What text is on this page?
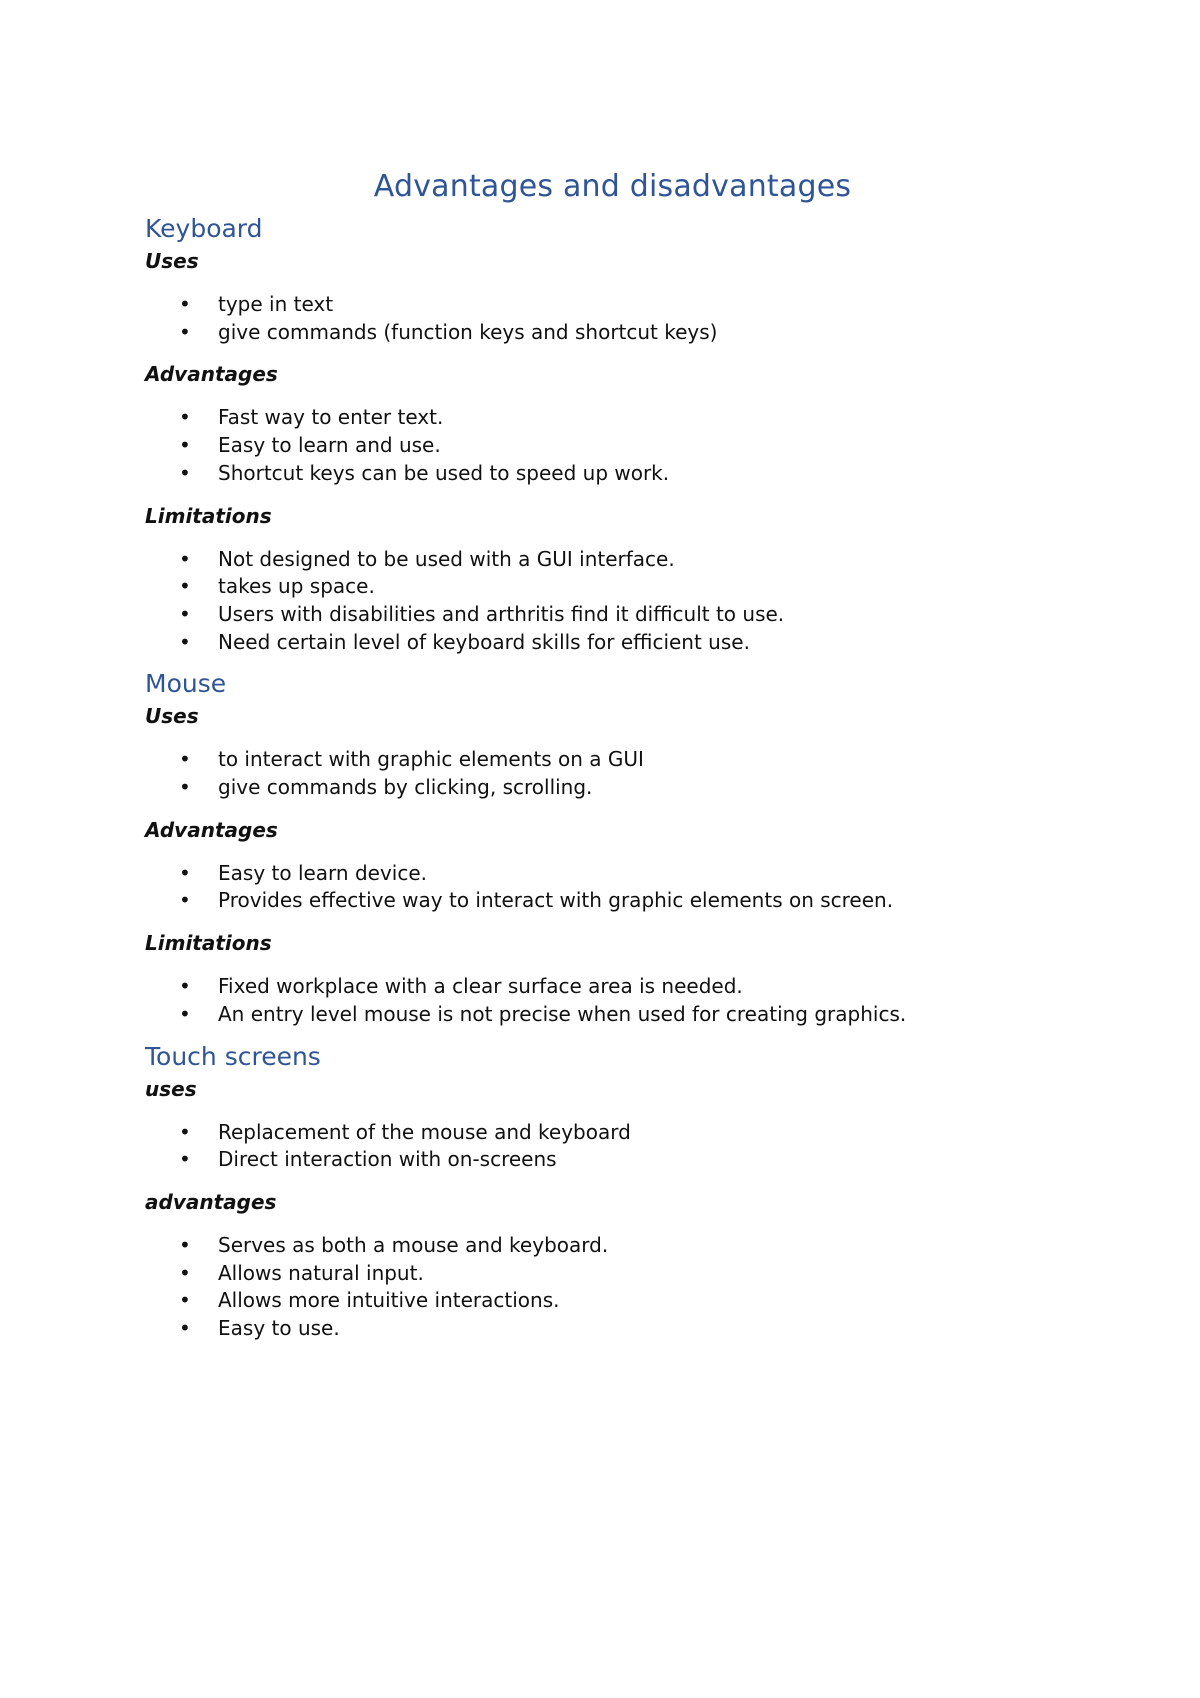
Advantages and disadvantages
Keyboard
Uses
• type in text
• give commands (function keys and shortcut keys)
Advantages
• Fast way to enter text.
• Easy to learn and use.
• Shortcut keys can be used to speed up work.
Limitations
• Not designed to be used with a GUI interface.
• takes up space.
• Users with disabilities and arthritis find it difficult to use.
• Need certain level of keyboard skills for efficient use.
Mouse
Uses
• to interact with graphic elements on a GUI
• give commands by clicking, scrolling.
Advantages
• Easy to learn device.
• Provides effective way to interact with graphic elements on screen.
Limitations
• Fixed workplace with a clear surface area is needed.
• An entry level mouse is not precise when used for creating graphics.
Touch screens
uses
• Replacement of the mouse and keyboard
• Direct interaction with on-screens
advantages
• Serves as both a mouse and keyboard.
• Allows natural input.
• Allows more intuitive interactions.
• Easy to use.
